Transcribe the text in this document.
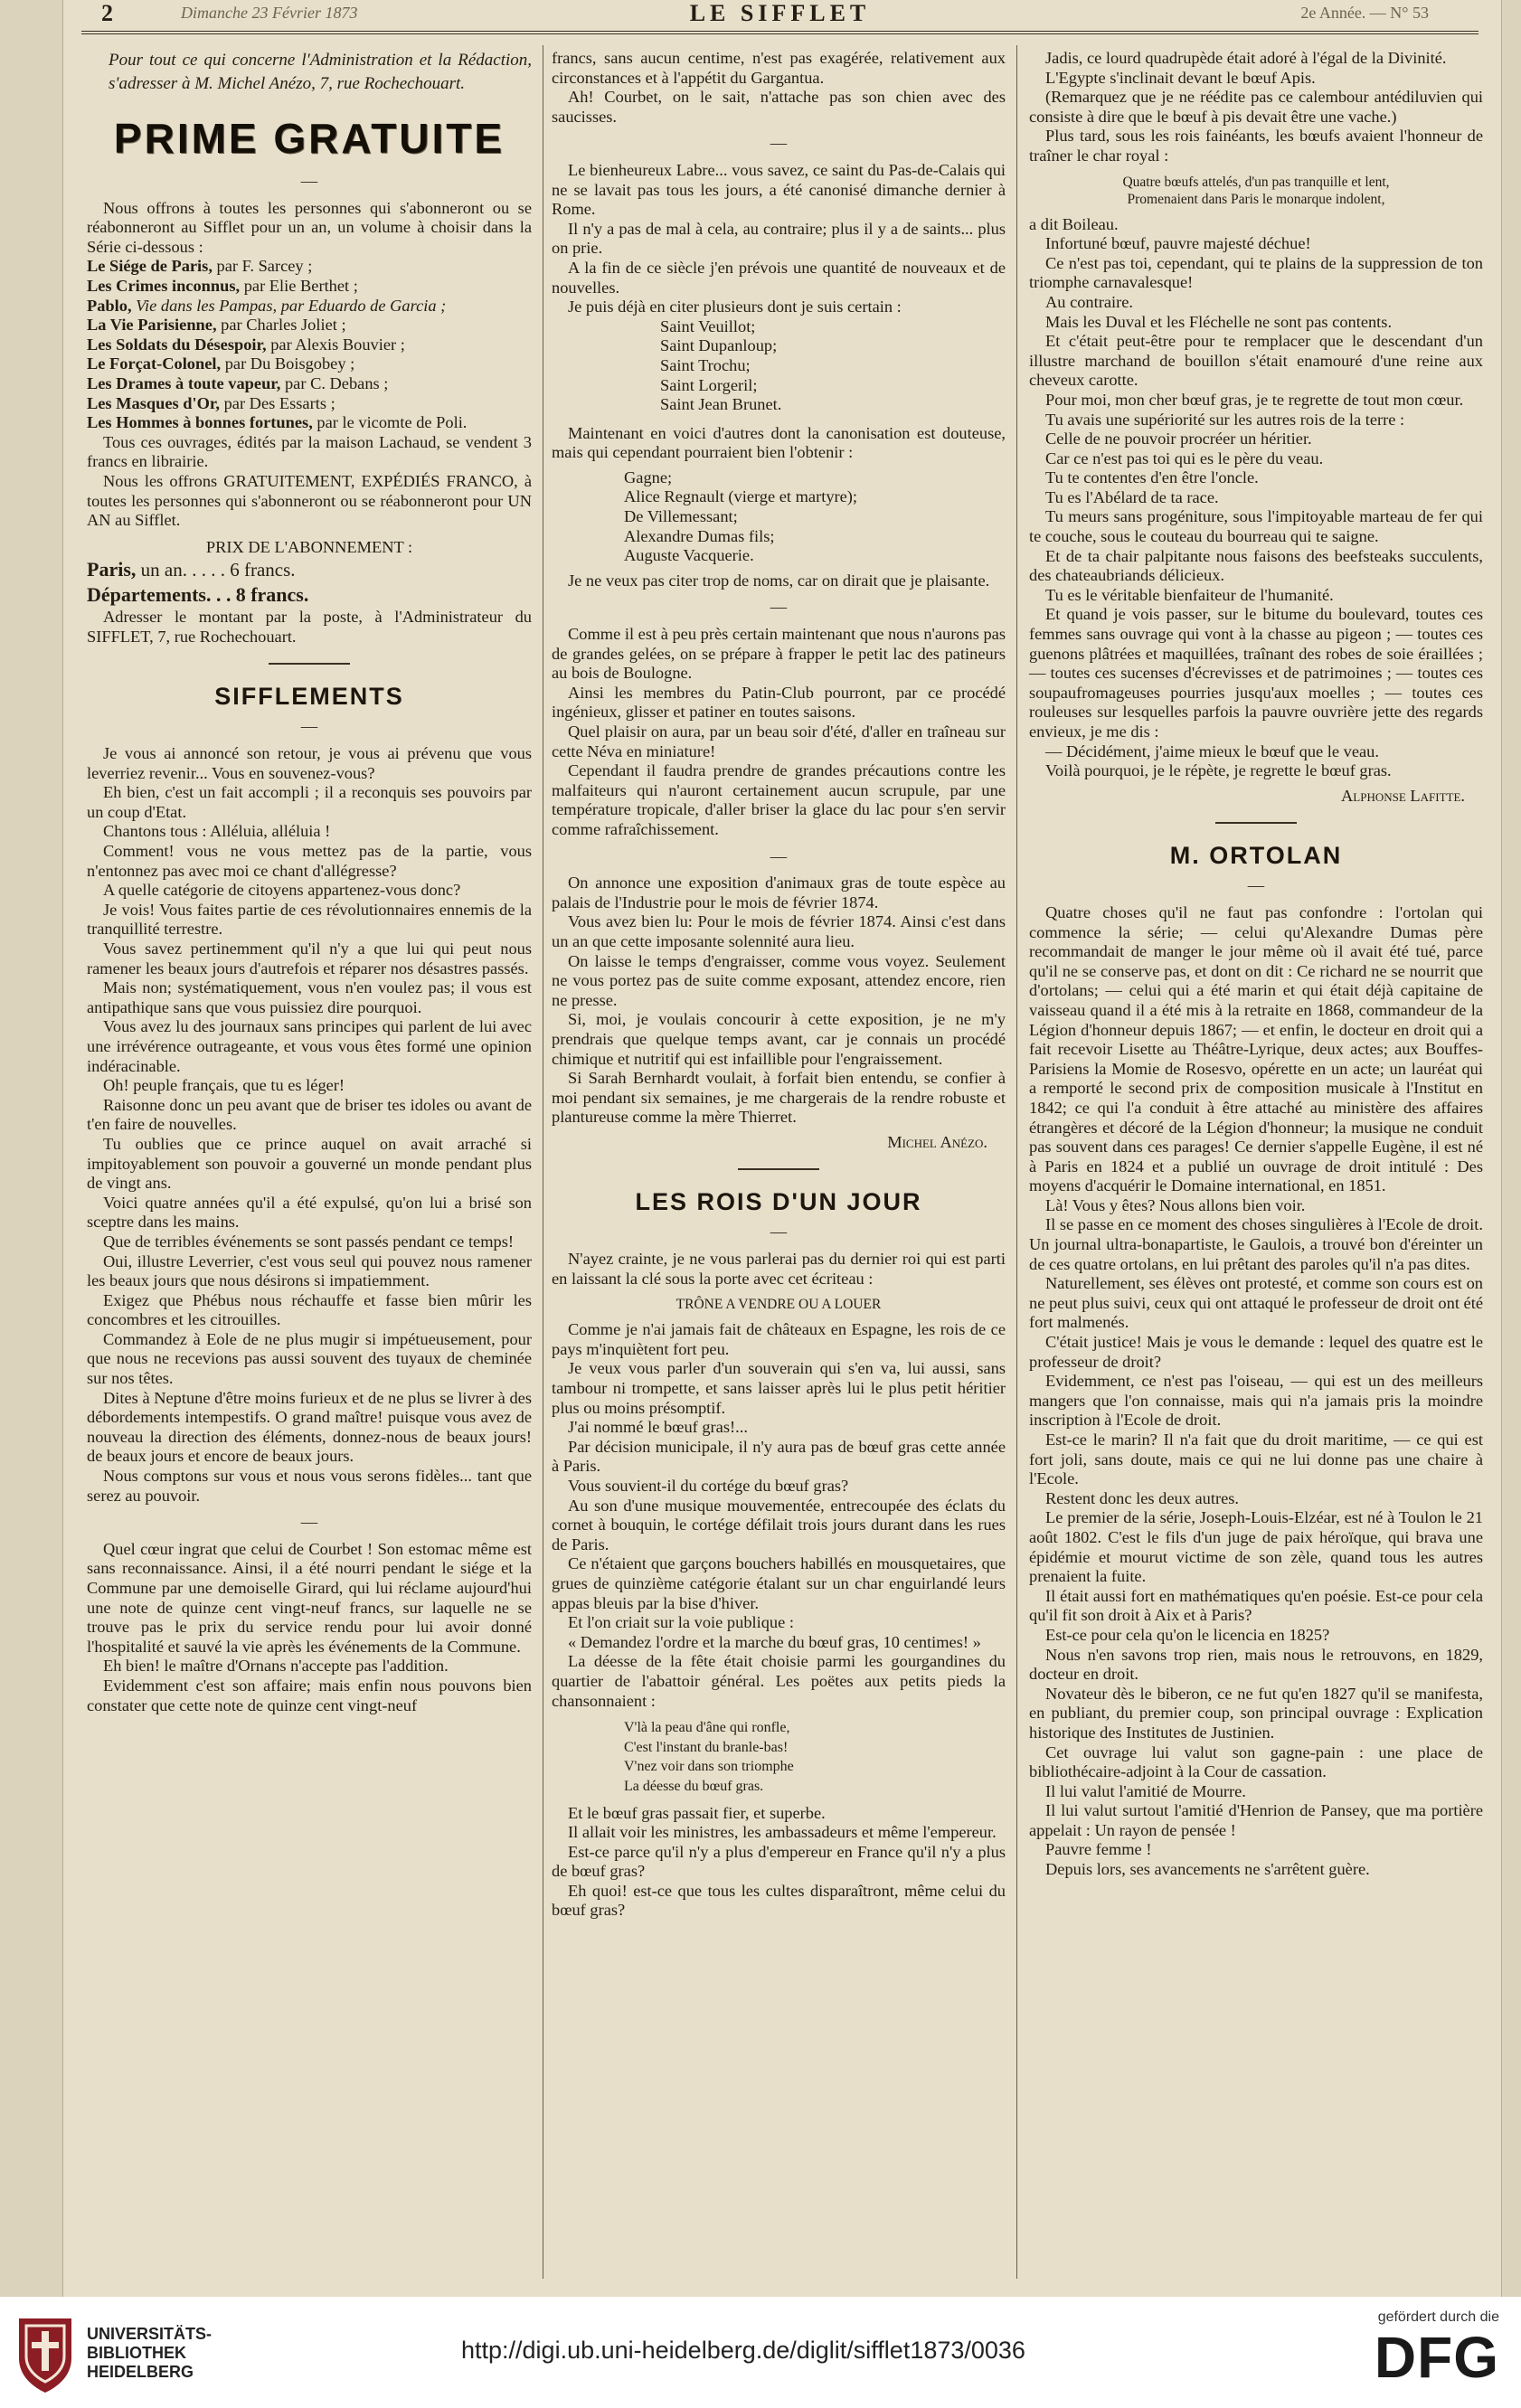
2	Dimanche 23 Février 1873	LE SIFFLET	2e Année. — N° 53

Pour tout ce qui concerne l'Administration et la Rédaction, s'adresser à M. Michel Anézo, 7, rue Rochechouart.

PRIME GRATUITE

—

Nous offrons à toutes les personnes qui s'abonneront ou se réabonneront au Sifflet pour un an, un volume à choisir dans la Série ci-dessous :

Le Siége de Paris, par F. Sarcey ;

Les Crimes inconnus, par Elie Berthet ;

Pablo, Vie dans les Pampas, par Eduardo de Garcia ;

La Vie Parisienne, par Charles Joliet ;

Les Soldats du Désespoir, par Alexis Bouvier ;

Le Forçat-Colonel, par Du Boisgobey ;

Les Drames à toute vapeur, par C. Debans ;

Les Masques d'Or, par Des Essarts ;

Les Hommes à bonnes fortunes, par le vicomte de Poli.

Tous ces ouvrages, édités par la maison Lachaud, se vendent 3 francs en librairie.

Nous les offrons GRATUITEMENT, EXPÉDIÉS FRANCO, à toutes les personnes qui s'abonneront ou se réabonneront pour UN AN au Sifflet.

PRIX DE L'ABONNEMENT :

Paris, un an. . . . . 6 francs.

Départements. . . 8 francs.

Adresser le montant par la poste, à l'Administrateur du SIFFLET, 7, rue Rochechouart.

SIFFLEMENTS

—

Je vous ai annoncé son retour, je vous ai prévenu que vous leverriez revenir... Vous en souvenez-vous?

Eh bien, c'est un fait accompli ; il a reconquis ses pouvoirs par un coup d'Etat.

Chantons tous : Alléluia, alléluia !

Comment! vous ne vous mettez pas de la partie, vous n'entonnez pas avec moi ce chant d'allégresse?

A quelle catégorie de citoyens appartenez-vous donc?

Je vois! Vous faites partie de ces révolutionnaires ennemis de la tranquillité terrestre.

Vous savez pertinemment qu'il n'y a que lui qui peut nous ramener les beaux jours d'autrefois et réparer nos désastres passés.

Mais non; systématiquement, vous n'en voulez pas; il vous est antipathique sans que vous puissiez dire pourquoi.

Vous avez lu des journaux sans principes qui parlent de lui avec une irrévérence outrageante, et vous vous êtes formé une opinion indéracinable.

Oh! peuple français, que tu es léger!

Raisonne donc un peu avant que de briser tes idoles ou avant de t'en faire de nouvelles.

Tu oublies que ce prince auquel on avait arraché si impitoyablement son pouvoir a gouverné un monde pendant plus de vingt ans.

Voici quatre années qu'il a été expulsé, qu'on lui a brisé son sceptre dans les mains.

Que de terribles événements se sont passés pendant ce temps!

Oui, illustre Leverrier, c'est vous seul qui pouvez nous ramener les beaux jours que nous désirons si impatiemment.

Exigez que Phébus nous réchauffe et fasse bien mûrir les concombres et les citrouilles.

Commandez à Eole de ne plus mugir si impétueusement, pour que nous ne recevions pas aussi souvent des tuyaux de cheminée sur nos têtes.

Dites à Neptune d'être moins furieux et de ne plus se livrer à des débordements intempestifs. O grand maître! puisque vous avez de nouveau la direction des éléments, donnez-nous de beaux jours! de beaux jours et encore de beaux jours.

Nous comptons sur vous et nous vous serons fidèles... tant que serez au pouvoir.

—

Quel cœur ingrat que celui de Courbet ! Son estomac même est sans reconnaissance. Ainsi, il a été nourri pendant le siége et la Commune par une demoiselle Girard, qui lui réclame aujourd'hui une note de quinze cent vingt-neuf francs, sur laquelle ne se trouve pas le prix du service rendu pour lui avoir donné l'hospitalité et sauvé la vie après les événements de la Commune.

Eh bien! le maître d'Ornans n'accepte pas l'addition.

Evidemment c'est son affaire; mais enfin nous pouvons bien constater que cette note de quinze cent vingt-neuf

francs, sans aucun centime, n'est pas exagérée, relativement aux circonstances et à l'appétit du Gargantua.

Ah! Courbet, on le sait, n'attache pas son chien avec des saucisses.

—

Le bienheureux Labre... vous savez, ce saint du Pas-de-Calais qui ne se lavait pas tous les jours, a été canonisé dimanche dernier à Rome.

Il n'y a pas de mal à cela, au contraire; plus il y a de saints... plus on prie.

A la fin de ce siècle j'en prévois une quantité de nouveaux et de nouvelles.

Je puis déjà en citer plusieurs dont je suis certain :

Saint Veuillot;

Saint Dupanloup;

Saint Trochu;

Saint Lorgeril;

Saint Jean Brunet.

Maintenant en voici d'autres dont la canonisation est douteuse, mais qui cependant pourraient bien l'obtenir :

Gagne;

Alice Regnault (vierge et martyre);

De Villemessant;

Alexandre Dumas fils;

Auguste Vacquerie.

Je ne veux pas citer trop de noms, car on dirait que je plaisante.

—

Comme il est à peu près certain maintenant que nous n'aurons pas de grandes gelées, on se prépare à frapper le petit lac des patineurs au bois de Boulogne.

Ainsi les membres du Patin-Club pourront, par ce procédé ingénieux, glisser et patiner en toutes saisons.

Quel plaisir on aura, par un beau soir d'été, d'aller en traîneau sur cette Néva en miniature!

Cependant il faudra prendre de grandes précautions contre les malfaiteurs qui n'auront certainement aucun scrupule, par une température tropicale, d'aller briser la glace du lac pour s'en servir comme rafraîchissement.

—

On annonce une exposition d'animaux gras de toute espèce au palais de l'Industrie pour le mois de février 1874.

Vous avez bien lu: Pour le mois de février 1874. Ainsi c'est dans un an que cette imposante solennité aura lieu.

On laisse le temps d'engraisser, comme vous voyez. Seulement ne vous portez pas de suite comme exposant, attendez encore, rien ne presse.

Si, moi, je voulais concourir à cette exposition, je ne m'y prendrais que quelque temps avant, car je connais un procédé chimique et nutritif qui est infaillible pour l'engraissement.

Si Sarah Bernhardt voulait, à forfait bien entendu, se confier à moi pendant six semaines, je me chargerais de la rendre robuste et plantureuse comme la mère Thierret.

Michel Anézo.

LES ROIS D'UN JOUR

—

N'ayez crainte, je ne vous parlerai pas du dernier roi qui est parti en laissant la clé sous la porte avec cet écriteau :

TRÔNE A VENDRE OU A LOUER

Comme je n'ai jamais fait de châteaux en Espagne, les rois de ce pays m'inquiètent fort peu.

Je veux vous parler d'un souverain qui s'en va, lui aussi, sans tambour ni trompette, et sans laisser après lui le plus petit héritier plus ou moins présomptif.

J'ai nommé le bœuf gras!...

Par décision municipale, il n'y aura pas de bœuf gras cette année à Paris.

Vous souvient-il du cortége du bœuf gras?

Au son d'une musique mouvementée, entrecoupée des éclats du cornet à bouquin, le cortége défilait trois jours durant dans les rues de Paris.

Ce n'étaient que garçons bouchers habillés en mousquetaires, que grues de quinzième catégorie étalant sur un char enguirlandé leurs appas bleuis par la bise d'hiver.

Et l'on criait sur la voie publique :

« Demandez l'ordre et la marche du bœuf gras, 10 centimes! »

La déesse de la fête était choisie parmi les gourgandines du quartier de l'abattoir général. Les poëtes aux petits pieds la chansonnaient :

V'là la peau d'âne qui ronfle,

C'est l'instant du branle-bas!

V'nez voir dans son triomphe

La déesse du bœuf gras.

Et le bœuf gras passait fier, et superbe.

Il allait voir les ministres, les ambassadeurs et même l'empereur.

Est-ce parce qu'il n'y a plus d'empereur en France qu'il n'y a plus de bœuf gras?

Eh quoi! est-ce que tous les cultes disparaîtront, même celui du bœuf gras?

Jadis, ce lourd quadrupède était adoré à l'égal de la Divinité.

L'Egypte s'inclinait devant le bœuf Apis.

(Remarquez que je ne réédite pas ce calembour antédiluvien qui consiste à dire que le bœuf à pis devait être une vache.)

Plus tard, sous les rois fainéants, les bœufs avaient l'honneur de traîner le char royal :

Quatre bœufs attelés, d'un pas tranquille et lent,

Promenaient dans Paris le monarque indolent,

a dit Boileau.

Infortuné bœuf, pauvre majesté déchue!

Ce n'est pas toi, cependant, qui te plains de la suppression de ton triomphe carnavalesque!

Au contraire.

Mais les Duval et les Fléchelle ne sont pas contents.

Et c'était peut-être pour te remplacer que le descendant d'un illustre marchand de bouillon s'était enamouré d'une reine aux cheveux carotte.

Pour moi, mon cher bœuf gras, je te regrette de tout mon cœur.

Tu avais une supériorité sur les autres rois de la terre :

Celle de ne pouvoir procréer un héritier.

Car ce n'est pas toi qui es le père du veau.

Tu te contentes d'en être l'oncle.

Tu es l'Abélard de ta race.

Tu meurs sans progéniture, sous l'impitoyable marteau de fer qui te couche, sous le couteau du bourreau qui te saigne.

Et de ta chair palpitante nous faisons des beefsteaks succulents, des chateaubriands délicieux.

Tu es le véritable bienfaiteur de l'humanité.

Et quand je vois passer, sur le bitume du boulevard, toutes ces femmes sans ouvrage qui vont à la chasse au pigeon ; — toutes ces guenons plâtrées et maquillées, traînant des robes de soie éraillées ; — toutes ces sucenses d'écrevisses et de patrimoines ; — toutes ces soupaufromageuses pourries jusqu'aux moelles ; — toutes ces rouleuses sur lesquelles parfois la pauvre ouvrière jette des regards envieux, je me dis :

— Décidément, j'aime mieux le bœuf que le veau.

Voilà pourquoi, je le répète, je regrette le bœuf gras.

Alphonse Lafitte.

M. ORTOLAN

—

Quatre choses qu'il ne faut pas confondre : l'ortolan qui commence la série; — celui qu'Alexandre Dumas père recommandait de manger le jour même où il avait été tué, parce qu'il ne se conserve pas, et dont on dit : Ce richard ne se nourrit que d'ortolans; — celui qui a été marin et qui était déjà capitaine de vaisseau quand il a été mis à la retraite en 1868, commandeur de la Légion d'honneur depuis 1867; — et enfin, le docteur en droit qui a fait recevoir Lisette au Théâtre-Lyrique, deux actes; aux Bouffes-Parisiens la Momie de Rosesvo, opérette en un acte; un lauréat qui a remporté le second prix de composition musicale à l'Institut en 1842; ce qui l'a conduit à être attaché au ministère des affaires étrangères et décoré de la Légion d'honneur; la musique ne conduit pas souvent dans ces parages! Ce dernier s'appelle Eugène, il est né à Paris en 1824 et a publié un ouvrage de droit intitulé : Des moyens d'acquérir le Domaine international, en 1851.

Là! Vous y êtes? Nous allons bien voir.

Il se passe en ce moment des choses singulières à l'Ecole de droit. Un journal ultra-bonapartiste, le Gaulois, a trouvé bon d'éreinter un de ces quatre ortolans, en lui prêtant des paroles qu'il n'a pas dites.

Naturellement, ses élèves ont protesté, et comme son cours est on ne peut plus suivi, ceux qui ont attaqué le professeur de droit ont été fort malmenés.

C'était justice! Mais je vous le demande : lequel des quatre est le professeur de droit?

Evidemment, ce n'est pas l'oiseau, — qui est un des meilleurs mangers que l'on connaisse, mais qui n'a jamais pris la moindre inscription à l'Ecole de droit.

Est-ce le marin? Il n'a fait que du droit maritime, — ce qui est fort joli, sans doute, mais ce qui ne lui donne pas une chaire à l'Ecole.

Restent donc les deux autres.

Le premier de la série, Joseph-Louis-Elzéar, est né à Toulon le 21 août 1802. C'est le fils d'un juge de paix héroïque, qui brava une épidémie et mourut victime de son zèle, quand tous les autres prenaient la fuite.

Il était aussi fort en mathématiques qu'en poésie. Est-ce pour cela qu'il fit son droit à Aix et à Paris?

Est-ce pour cela qu'on le licencia en 1825?

Nous n'en savons trop rien, mais nous le retrouvons, en 1829, docteur en droit.

Novateur dès le biberon, ce ne fut qu'en 1827 qu'il se manifesta, en publiant, du premier coup, son principal ouvrage : Explication historique des Institutes de Justinien.

Cet ouvrage lui valut son gagne-pain : une place de bibliothécaire-adjoint à la Cour de cassation.

Il lui valut l'amitié de Mourre.

Il lui valut surtout l'amitié d'Henrion de Pansey, que ma portière appelait : Un rayon de pensée !

Pauvre femme !

Depuis lors, ses avancements ne s'arrêtent guère.

UNIVERSITÄTS-
BIBLIOTHEK
HEIDELBERG
http://digi.ub.uni-heidelberg.de/diglit/sifflet1873/0036
gefördert durch die
DFG
